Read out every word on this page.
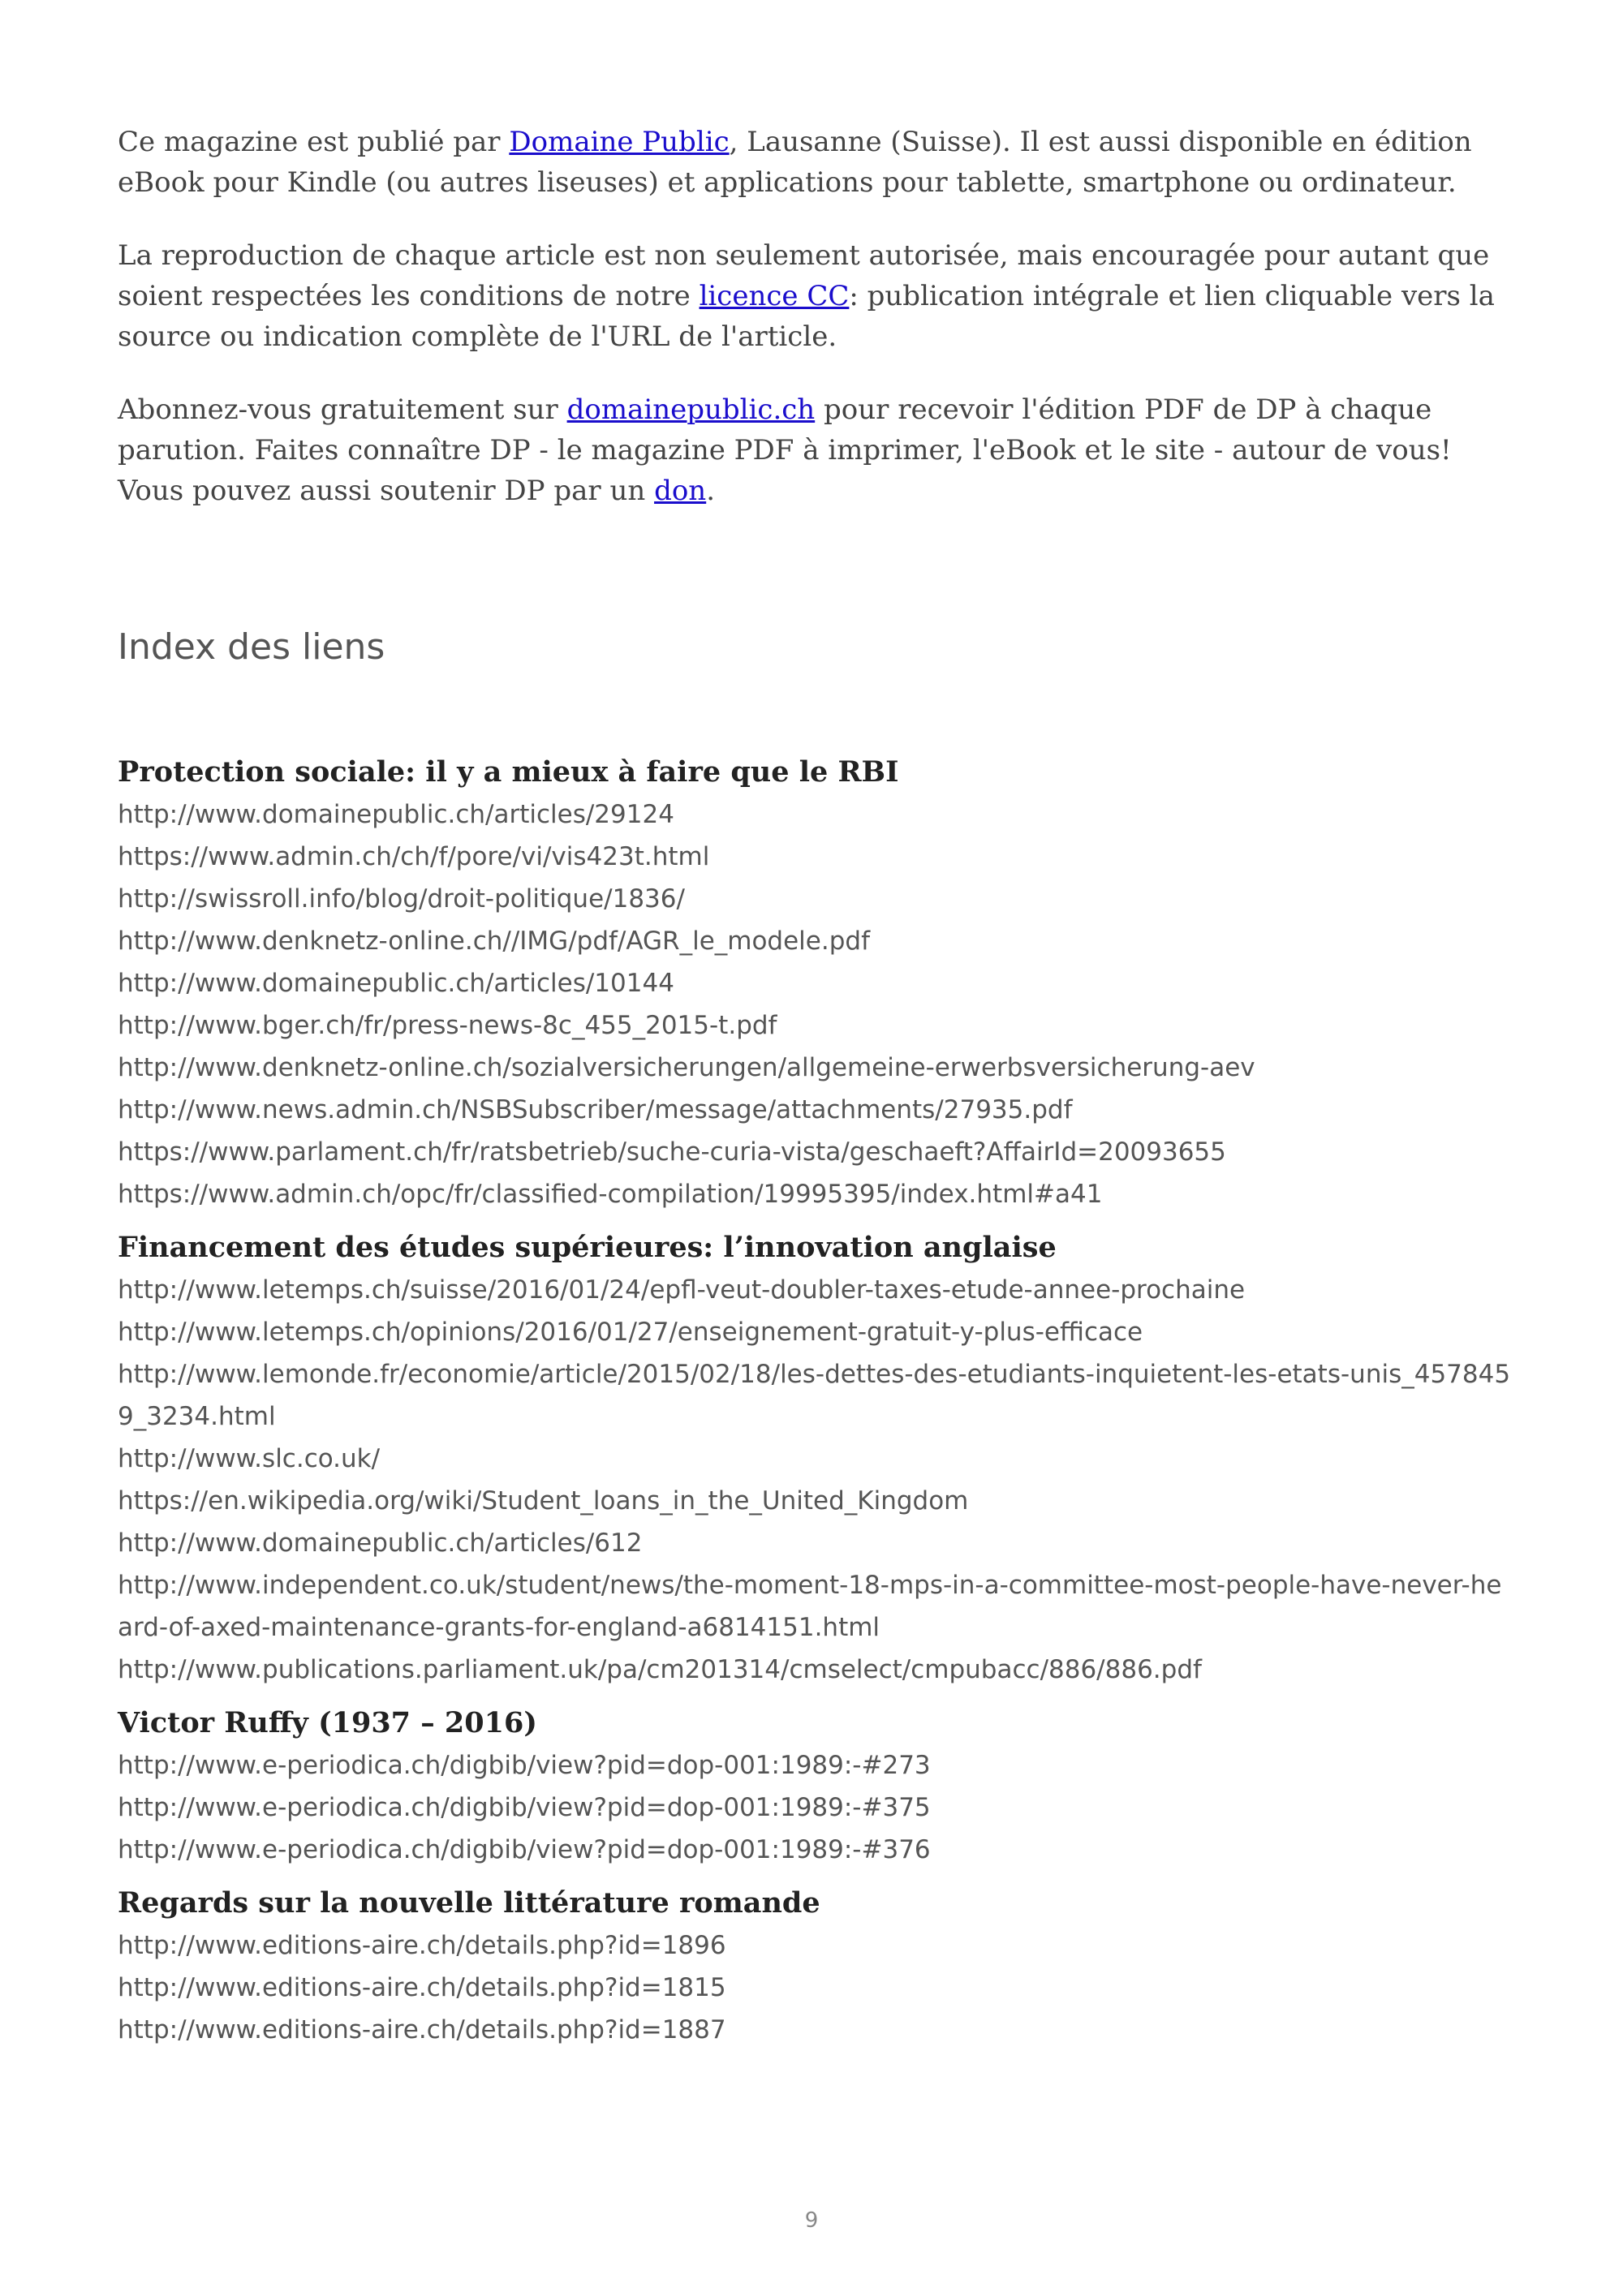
Ce magazine est publié par Domaine Public, Lausanne (Suisse). Il est aussi disponible en édition eBook pour Kindle (ou autres liseuses) et applications pour tablette, smartphone ou ordinateur.

La reproduction de chaque article est non seulement autorisée, mais encouragée pour autant que soient respectées les conditions de notre licence CC: publication intégrale et lien cliquable vers la source ou indication complète de l'URL de l'article.

Abonnez-vous gratuitement sur domainepublic.ch pour recevoir l'édition PDF de DP à chaque parution. Faites connaître DP - le magazine PDF à imprimer, l'eBook et le site - autour de vous! Vous pouvez aussi soutenir DP par un don.

Index des liens
Protection sociale: il y a mieux à faire que le RBI
http://www.domainepublic.ch/articles/29124
https://www.admin.ch/ch/f/pore/vi/vis423t.html
http://swissroll.info/blog/droit-politique/1836/
http://www.denknetz-online.ch//IMG/pdf/AGR_le_modele.pdf
http://www.domainepublic.ch/articles/10144
http://www.bger.ch/fr/press-news-8c_455_2015-t.pdf
http://www.denknetz-online.ch/sozialversicherungen/allgemeine-erwerbsversicherung-aev
http://www.news.admin.ch/NSBSubscriber/message/attachments/27935.pdf
https://www.parlament.ch/fr/ratsbetrieb/suche-curia-vista/geschaeft?AffairId=20093655
https://www.admin.ch/opc/fr/classified-compilation/19995395/index.html#a41
Financement des études supérieures: l’innovation anglaise
http://www.letemps.ch/suisse/2016/01/24/epfl-veut-doubler-taxes-etude-annee-prochaine
http://www.letemps.ch/opinions/2016/01/27/enseignement-gratuit-y-plus-efficace
http://www.lemonde.fr/economie/article/2015/02/18/les-dettes-des-etudiants-inquietent-les-etats-unis_4578459_3234.html
http://www.slc.co.uk/
https://en.wikipedia.org/wiki/Student_loans_in_the_United_Kingdom
http://www.domainepublic.ch/articles/612
http://www.independent.co.uk/student/news/the-moment-18-mps-in-a-committee-most-people-have-never-heard-of-axed-maintenance-grants-for-england-a6814151.html
http://www.publications.parliament.uk/pa/cm201314/cmselect/cmpubacc/886/886.pdf
Victor Ruffy (1937 – 2016)
http://www.e-periodica.ch/digbib/view?pid=dop-001:1989:-#273
http://www.e-periodica.ch/digbib/view?pid=dop-001:1989:-#375
http://www.e-periodica.ch/digbib/view?pid=dop-001:1989:-#376
Regards sur la nouvelle littérature romande
http://www.editions-aire.ch/details.php?id=1896
http://www.editions-aire.ch/details.php?id=1815
http://www.editions-aire.ch/details.php?id=1887
9
